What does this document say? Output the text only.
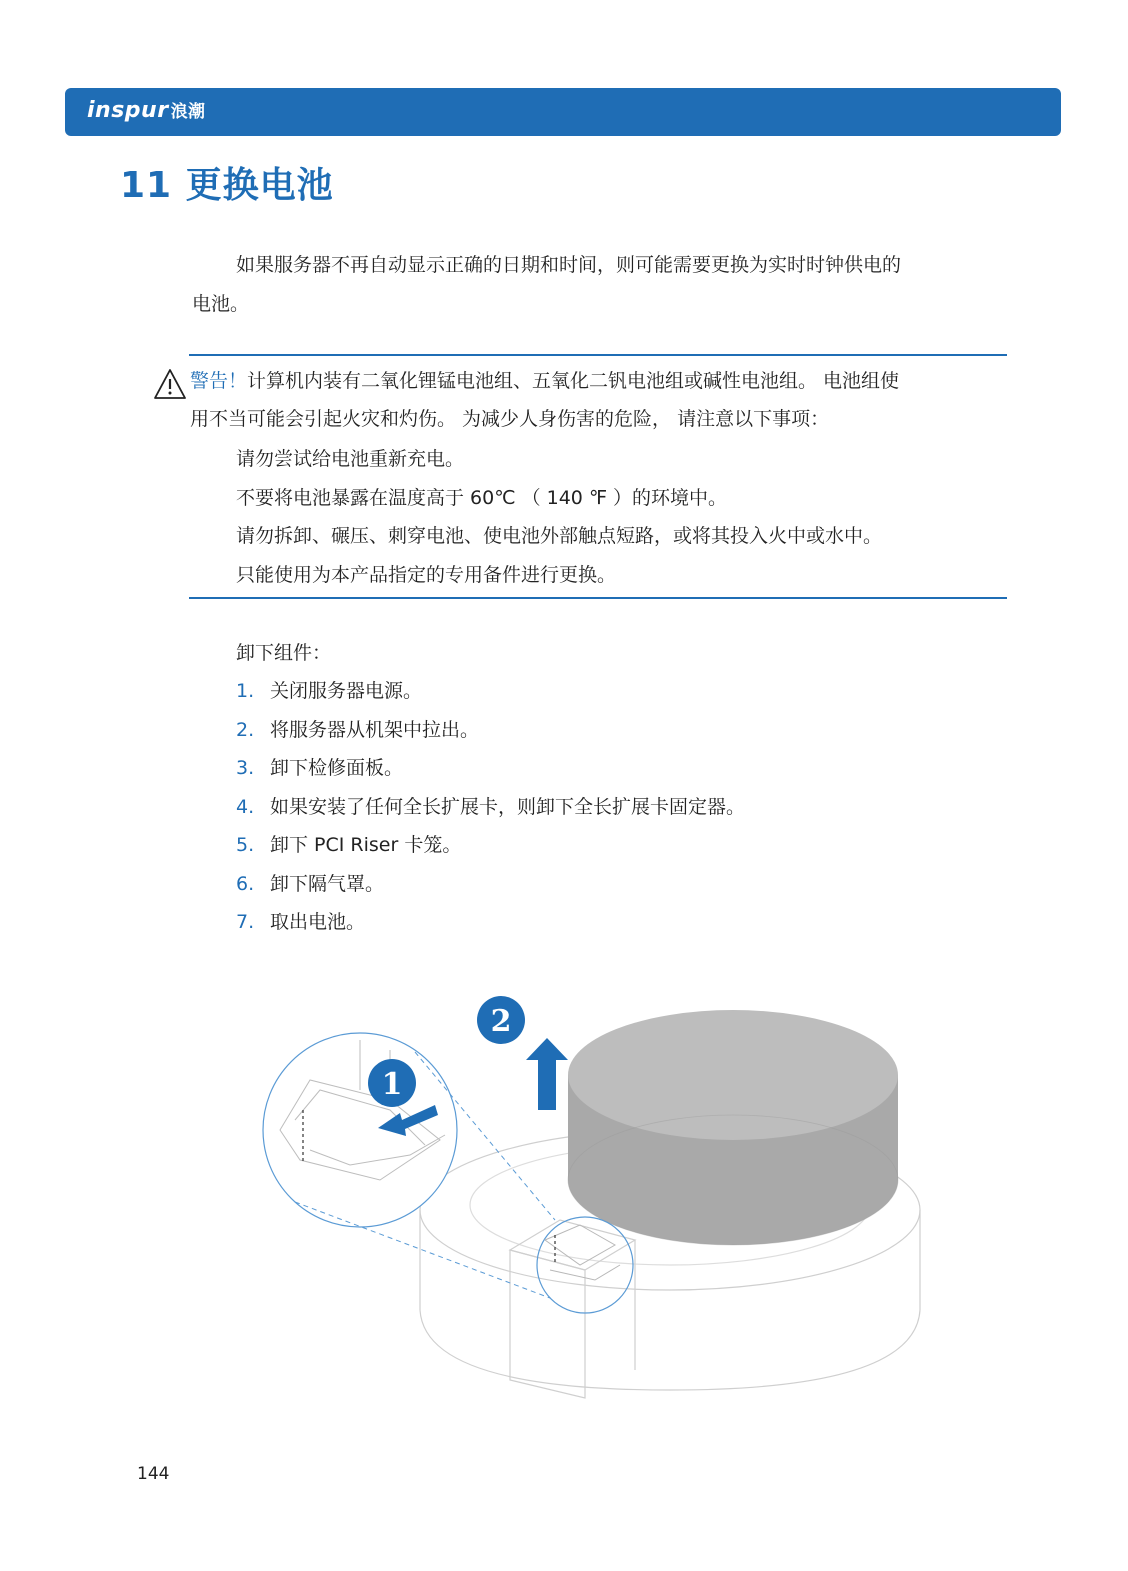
inspur 浪潮
11 更换电池

如果服务器不再自动显示正确的日期和时间，则可能需要更换为实时时钟供电的

电池。

警告！计算机内装有二氧化锂锰电池组、五氧化二钒电池组或碱性电池组。 电池组使

用不当可能会引起火灾和灼伤。 为减少人身伤害的危险， 请注意以下事项：

请勿尝试给电池重新充电。

不要将电池暴露在温度高于 60℃ （ 140 ℉ ）的环境中。

请勿拆卸、碾压、刺穿电池、使电池外部触点短路，或将其投入火中或水中。

只能使用为本产品指定的专用备件进行更换。

卸下组件：

1. 关闭服务器电源。
2. 将服务器从机架中拉出。
3. 卸下检修面板。
4. 如果安装了任何全长扩展卡，则卸下全长扩展卡固定器。
5. 卸下 PCI Riser 卡笼。
6. 卸下隔气罩。
7. 取出电池。
1
2
144
